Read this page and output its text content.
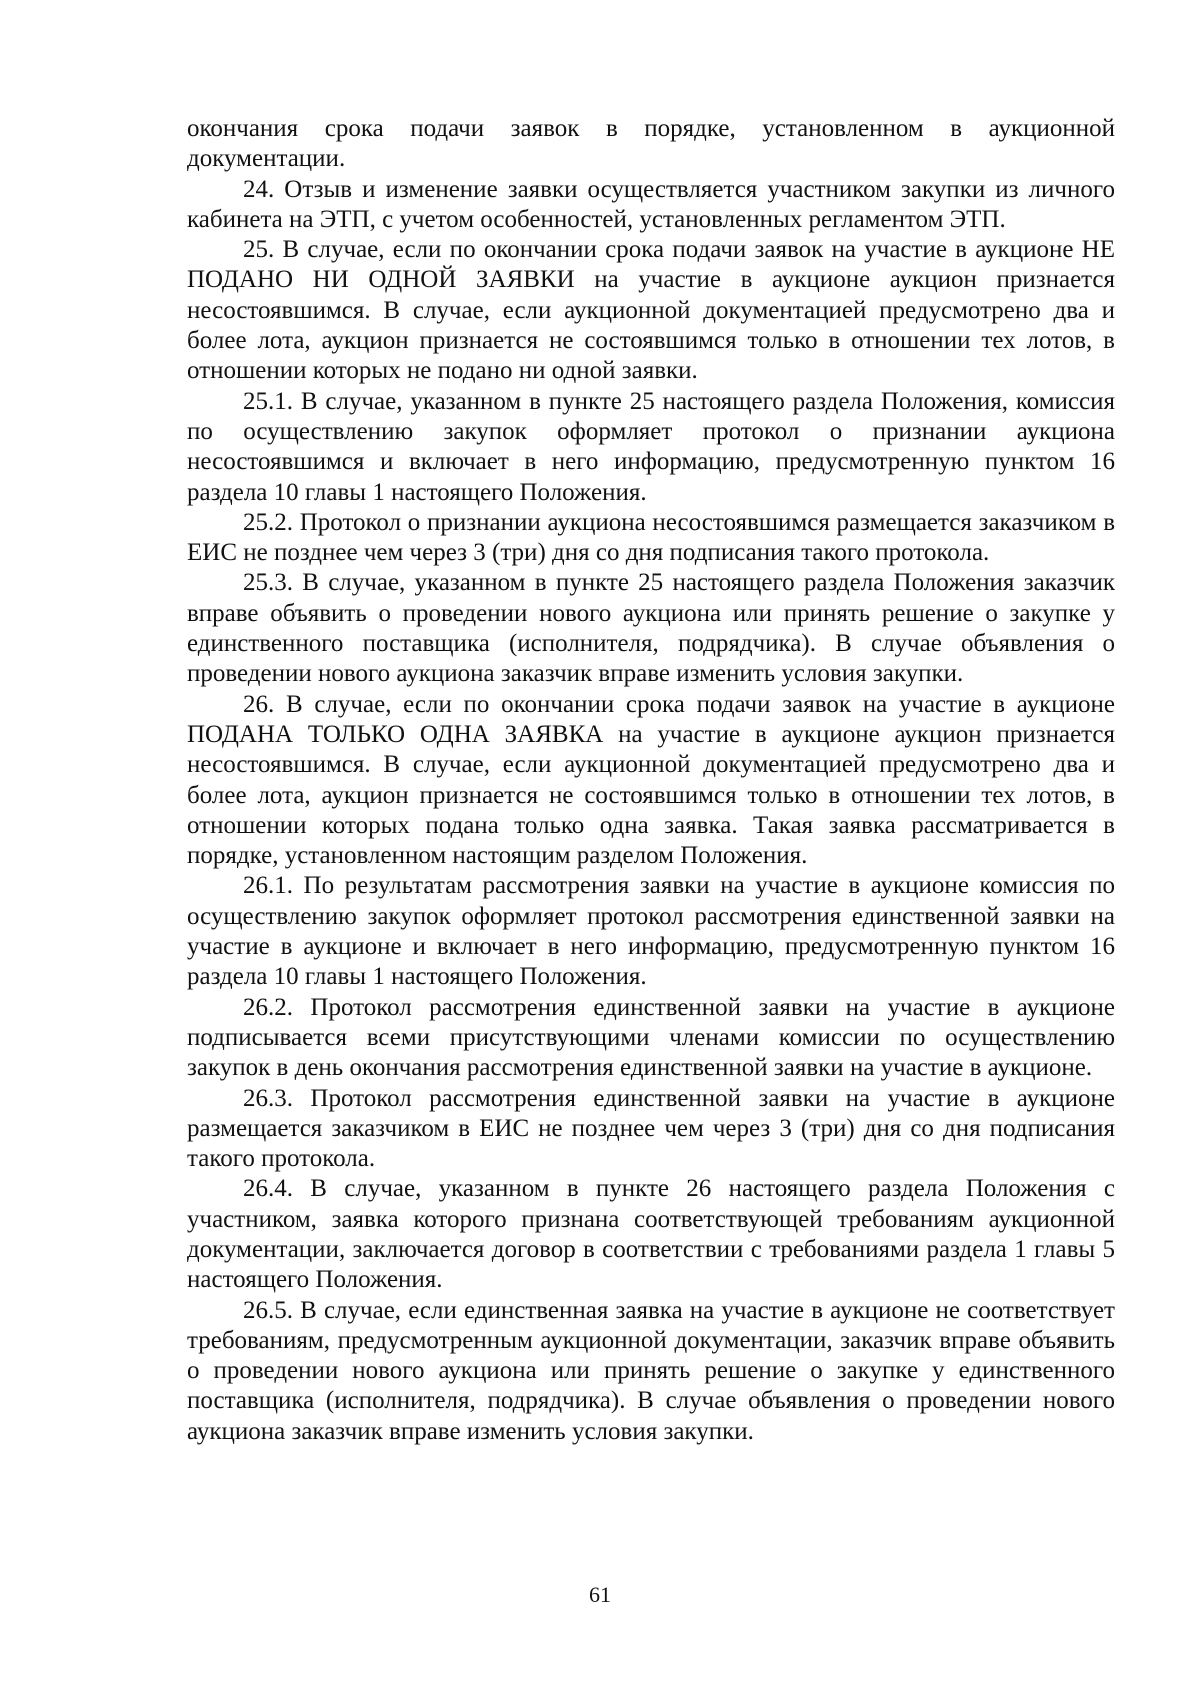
окончания срока подачи заявок в порядке, установленном в аукционной документации.

24. Отзыв и изменение заявки осуществляется участником закупки из личного кабинета на ЭТП, с учетом особенностей, установленных регламентом ЭТП.

25. В случае, если по окончании срока подачи заявок на участие в аукционе НЕ ПОДАНО НИ ОДНОЙ ЗАЯВКИ на участие в аукционе аукцион признается несостоявшимся. В случае, если аукционной документацией предусмотрено два и более лота, аукцион признается не состоявшимся только в отношении тех лотов, в отношении которых не подано ни одной заявки.

25.1. В случае, указанном в пункте 25 настоящего раздела Положения, комиссия по осуществлению закупок оформляет протокол о признании аукциона несостоявшимся и включает в него информацию, предусмотренную пунктом 16 раздела 10 главы 1 настоящего Положения.

25.2. Протокол о признании аукциона несостоявшимся размещается заказчиком в ЕИС не позднее чем через 3 (три) дня со дня подписания такого протокола.

25.3. В случае, указанном в пункте 25 настоящего раздела Положения заказчик вправе объявить о проведении нового аукциона или принять решение о закупке у единственного поставщика (исполнителя, подрядчика). В случае объявления о проведении нового аукциона заказчик вправе изменить условия закупки.

26. В случае, если по окончании срока подачи заявок на участие в аукционе ПОДАНА ТОЛЬКО ОДНА ЗАЯВКА на участие в аукционе аукцион признается несостоявшимся. В случае, если аукционной документацией предусмотрено два и более лота, аукцион признается не состоявшимся только в отношении тех лотов, в отношении которых подана только одна заявка. Такая заявка рассматривается в порядке, установленном настоящим разделом Положения.

26.1. По результатам рассмотрения заявки на участие в аукционе комиссия по осуществлению закупок оформляет протокол рассмотрения единственной заявки на участие в аукционе и включает в него информацию, предусмотренную пунктом 16 раздела 10 главы 1 настоящего Положения.

26.2. Протокол рассмотрения единственной заявки на участие в аукционе подписывается всеми присутствующими членами комиссии по осуществлению закупок в день окончания рассмотрения единственной заявки на участие в аукционе.

26.3. Протокол рассмотрения единственной заявки на участие в аукционе размещается заказчиком в ЕИС не позднее чем через 3 (три) дня со дня подписания такого протокола.

26.4. В случае, указанном в пункте 26 настоящего раздела Положения с участником, заявка которого признана соответствующей требованиям аукционной документации, заключается договор в соответствии с требованиями раздела 1 главы 5 настоящего Положения.

26.5. В случае, если единственная заявка на участие в аукционе не соответствует требованиям, предусмотренным аукционной документации, заказчик вправе объявить о проведении нового аукциона или принять решение о закупке у единственного поставщика (исполнителя, подрядчика). В случае объявления о проведении нового аукциона заказчик вправе изменить условия закупки.

61
